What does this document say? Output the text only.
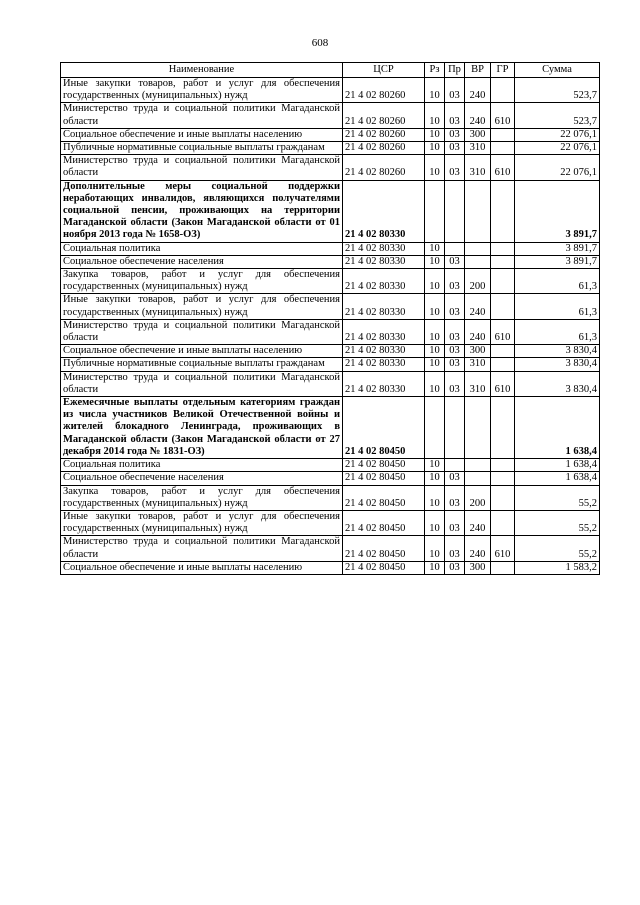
608
Наименование	ЦСР	Рз	Пр	ВР	ГР	Сумма
Иные закупки товаров, работ и услуг для обеспечения государственных (муниципальных) нужд	21 4 02 80260	10	03	240		523,7
Министерство труда и социальной политики Магаданской области	21 4 02 80260	10	03	240	610	523,7
Социальное обеспечение и иные выплаты населению	21 4 02 80260	10	03	300		22 076,1
Публичные нормативные социальные выплаты гражданам	21 4 02 80260	10	03	310		22 076,1
Министерство труда и социальной политики Магаданской области	21 4 02 80260	10	03	310	610	22 076,1
Дополнительные меры социальной поддержки неработающих инвалидов, являющихся получателями социальной пенсии, проживающих на территории Магаданской области (Закон Магаданской области от 01 ноября 2013 года № 1658-ОЗ)	21 4 02 80330					3 891,7
Социальная политика	21 4 02 80330	10				3 891,7
Социальное обеспечение населения	21 4 02 80330	10	03			3 891,7
Закупка товаров, работ и услуг для обеспечения государственных (муниципальных) нужд	21 4 02 80330	10	03	200		61,3
Иные закупки товаров, работ и услуг для обеспечения государственных (муниципальных) нужд	21 4 02 80330	10	03	240		61,3
Министерство труда и социальной политики Магаданской области	21 4 02 80330	10	03	240	610	61,3
Социальное обеспечение и иные выплаты населению	21 4 02 80330	10	03	300		3 830,4
Публичные нормативные социальные выплаты гражданам	21 4 02 80330	10	03	310		3 830,4
Министерство труда и социальной политики Магаданской области	21 4 02 80330	10	03	310	610	3 830,4
Ежемесячные выплаты отдельным категориям граждан из числа участников Великой Отечественной войны и жителей блокадного Ленинграда, проживающих в Магаданской области (Закон Магаданской области от 27 декабря 2014 года № 1831-ОЗ)	21 4 02 80450					1 638,4
Социальная политика	21 4 02 80450	10				1 638,4
Социальное обеспечение населения	21 4 02 80450	10	03			1 638,4
Закупка товаров, работ и услуг для обеспечения государственных (муниципальных) нужд	21 4 02 80450	10	03	200		55,2
Иные закупки товаров, работ и услуг для обеспечения государственных (муниципальных) нужд	21 4 02 80450	10	03	240		55,2
Министерство труда и социальной политики Магаданской области	21 4 02 80450	10	03	240	610	55,2
Социальное обеспечение и иные выплаты населению	21 4 02 80450	10	03	300		1 583,2
